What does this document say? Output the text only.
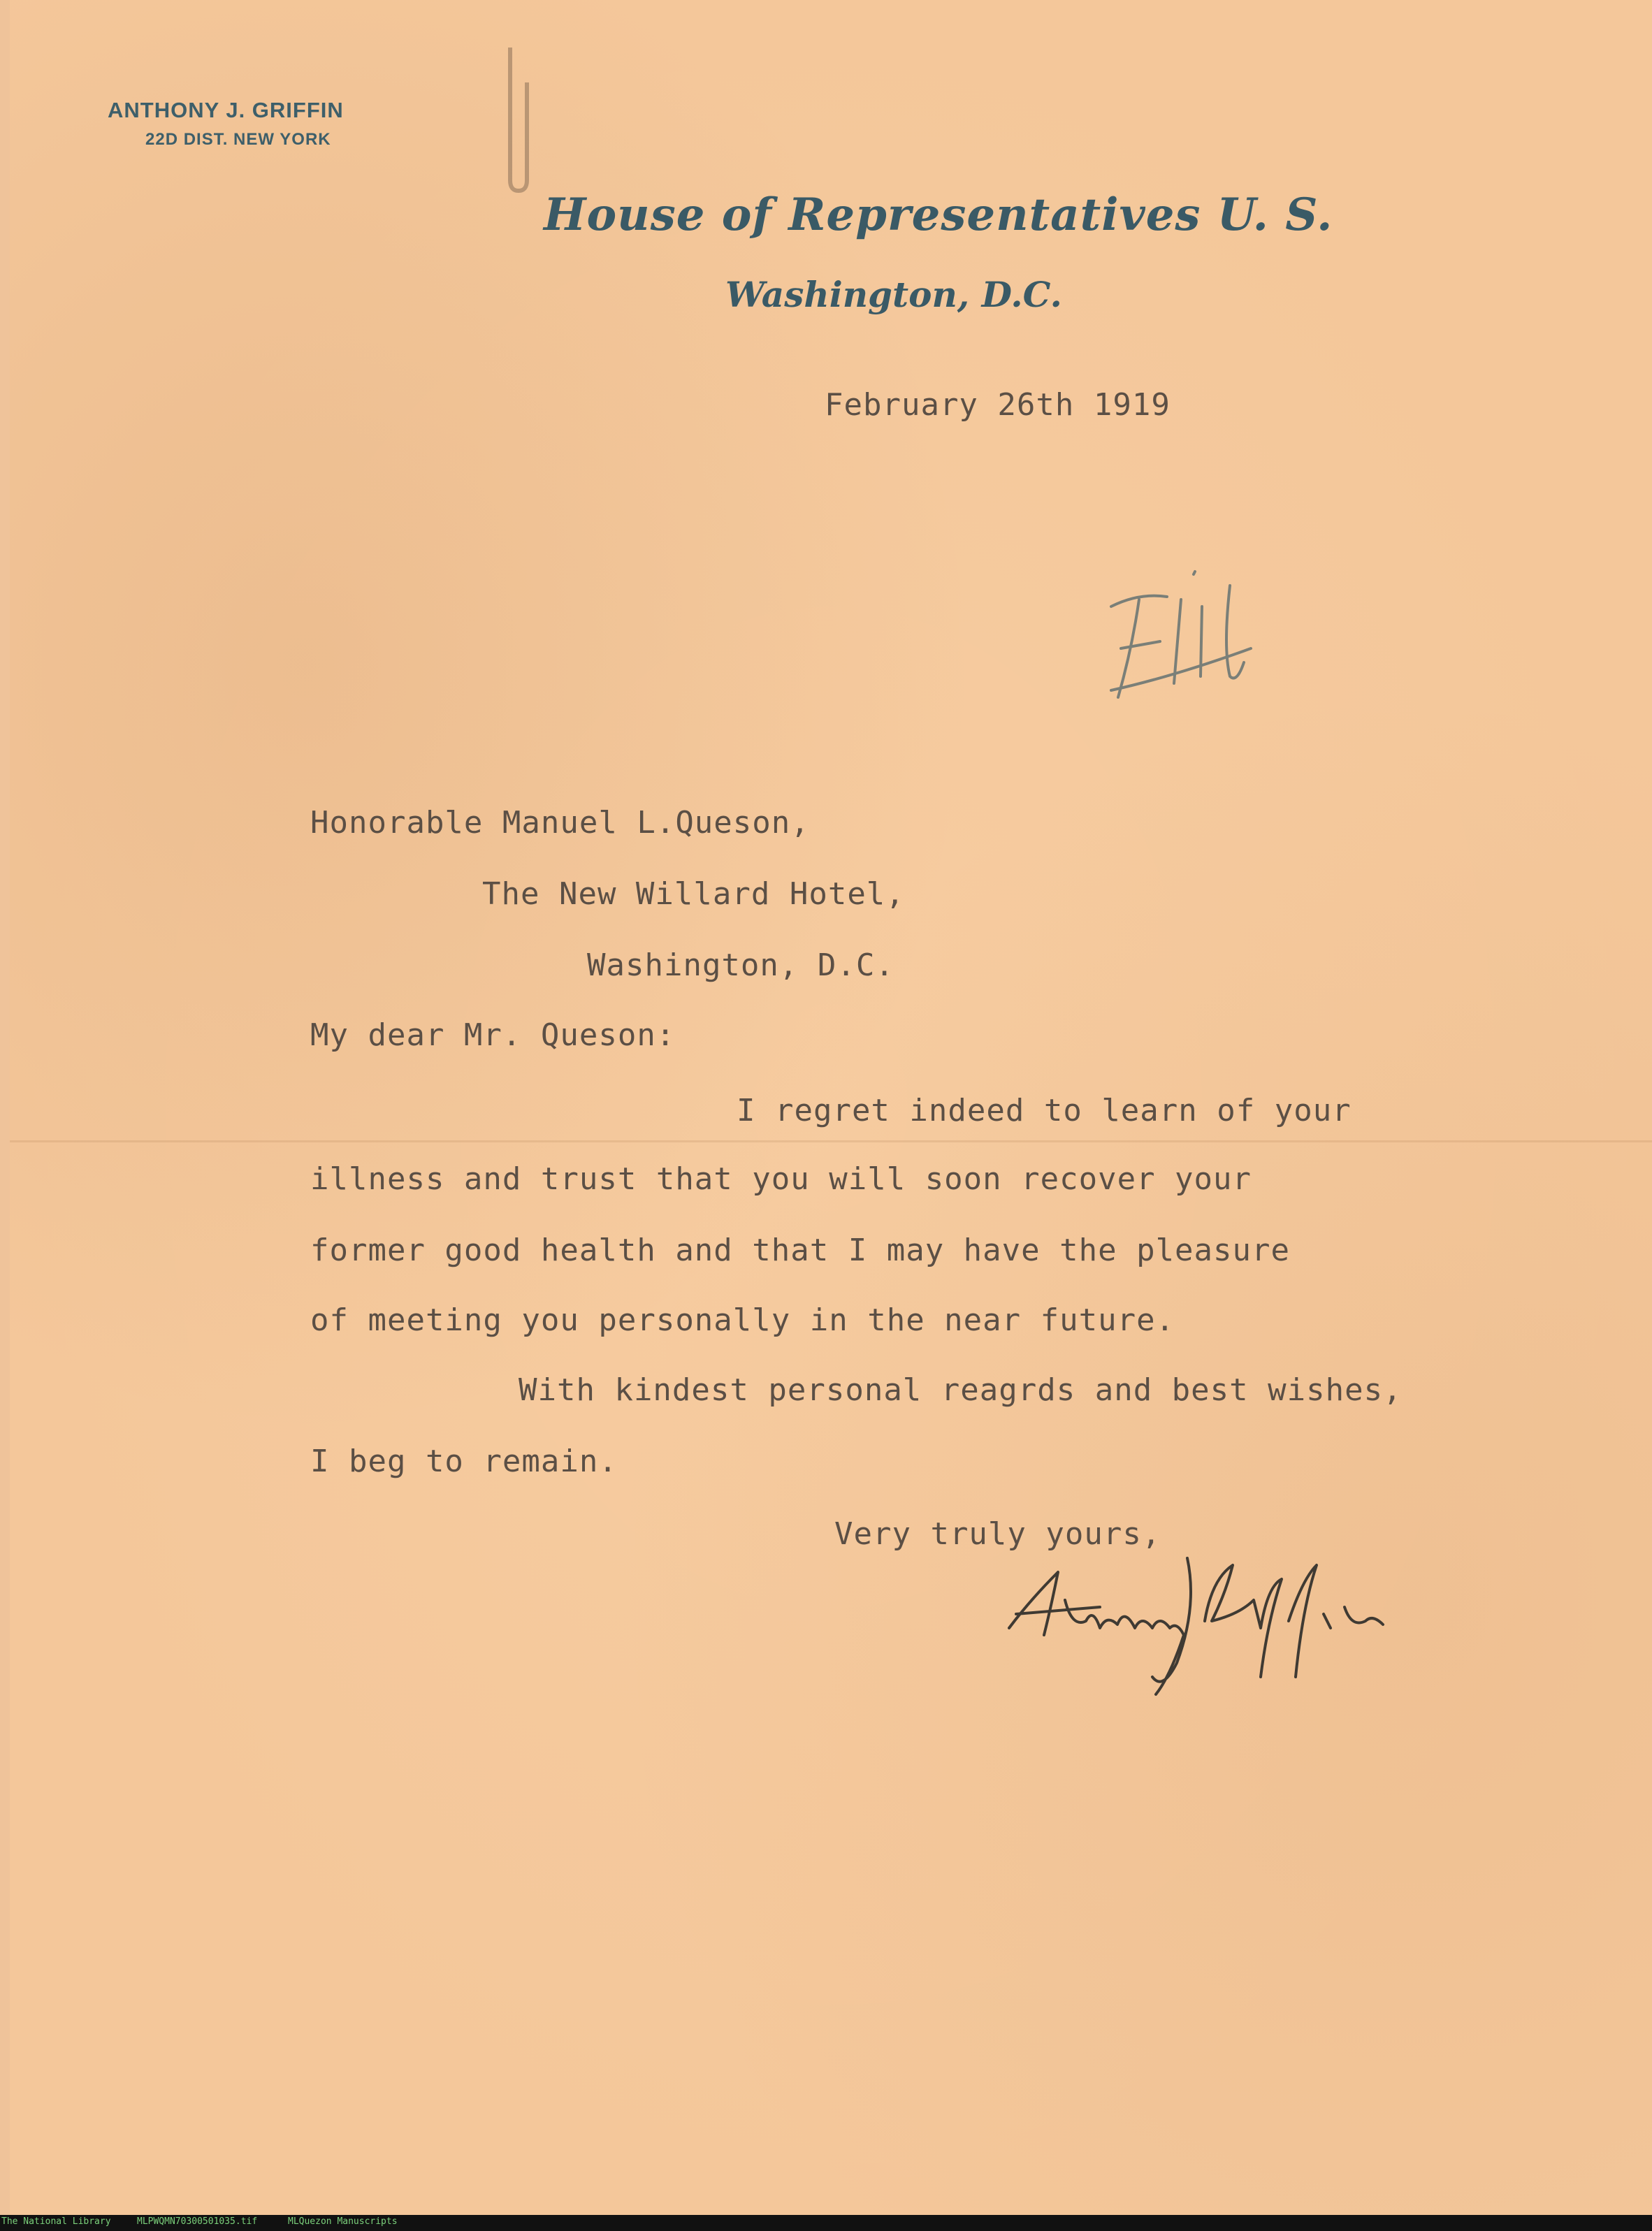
ANTHONY J. GRIFFIN
22D DIST. NEW YORK
House of Representatives U. S.
Washington, D.C.
February 26th 1919
Honorable Manuel L.Queson,
The New Willard Hotel,
Washington, D.C.
My dear Mr. Queson:
I regret indeed to learn of your
illness and trust that you will soon recover your
former good health and that I may have the pleasure
of meeting you personally in the near future.
With kindest personal reagrds and best wishes,
I beg to remain.
Very truly yours,
The National Library	MLPWQMN70300501035.tif	MLQuezon Manuscripts
